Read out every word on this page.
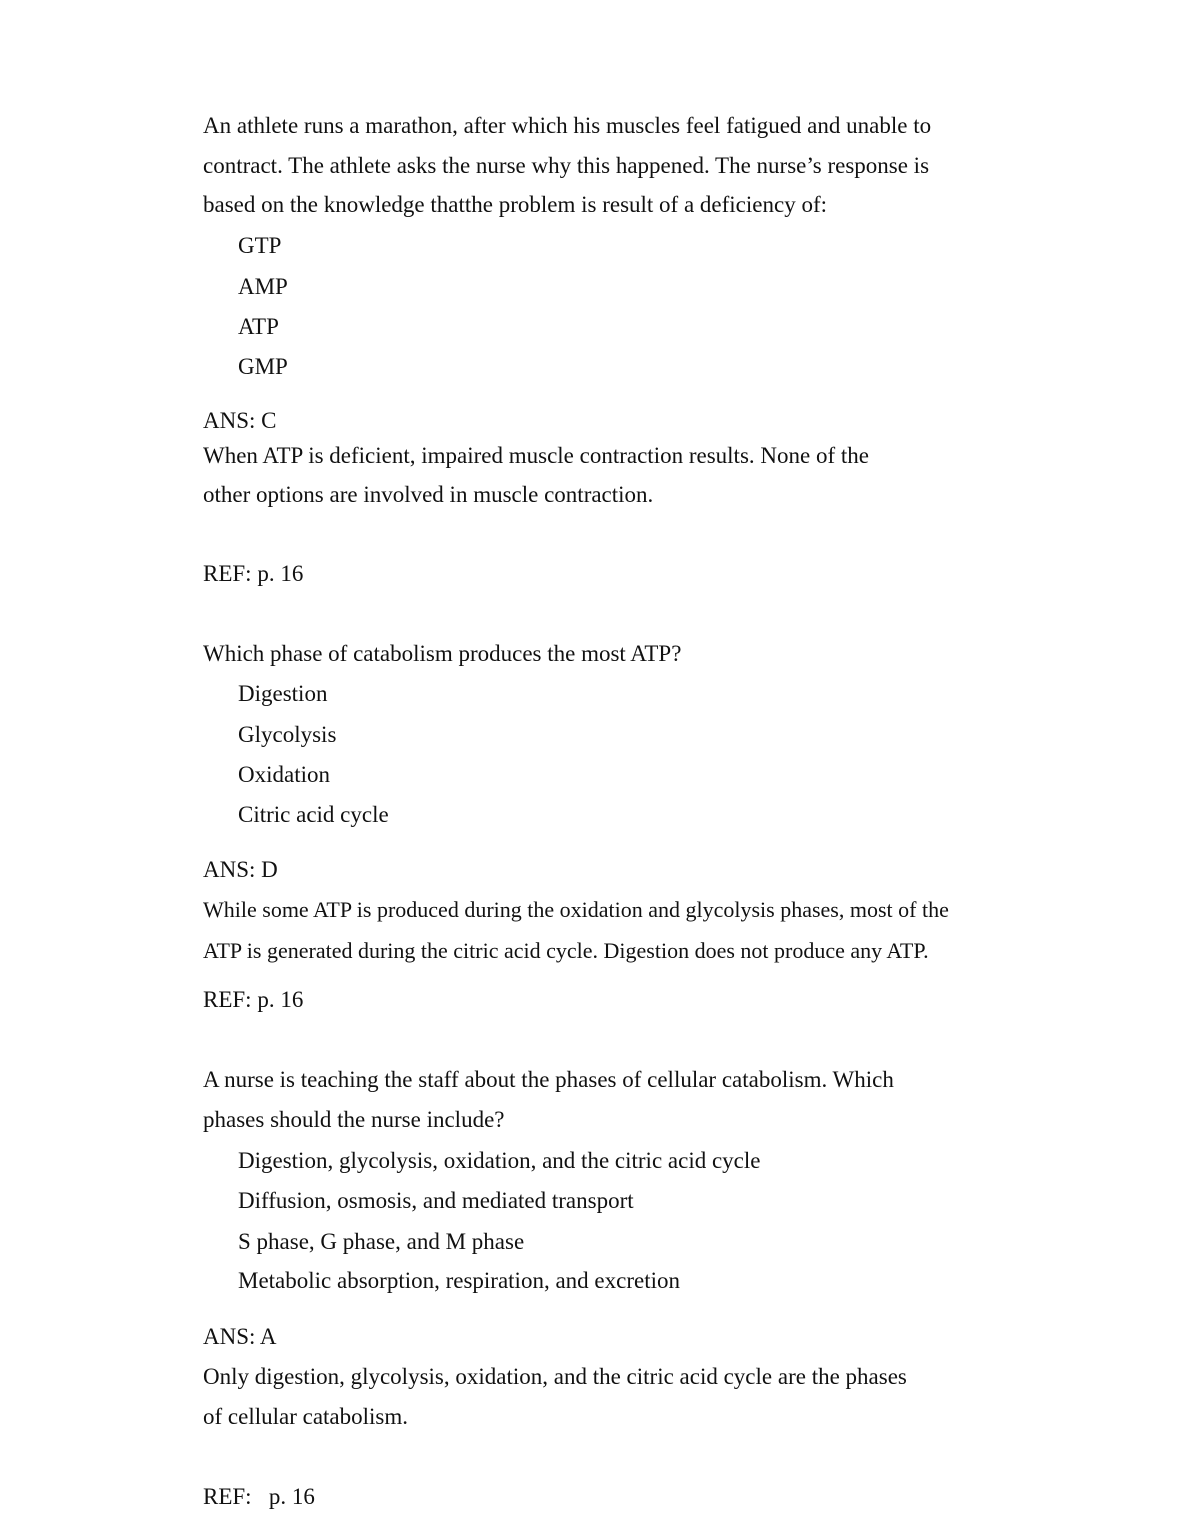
An athlete runs a marathon, after which his muscles feel fatigued and unable to
contract. The athlete asks the nurse why this happened. The nurse’s response is
based on the knowledge thatthe problem is result of a deficiency of:
GTP
AMP
ATP
GMP
ANS: C
When ATP is deficient, impaired muscle contraction results. None of the
other options are involved in muscle contraction.
REF: p. 16
Which phase of catabolism produces the most ATP?
Digestion
Glycolysis
Oxidation
Citric acid cycle
ANS: D
While some ATP is produced during the oxidation and glycolysis phases, most of the
ATP is generated during the citric acid cycle. Digestion does not produce any ATP.
REF: p. 16
A nurse is teaching the staff about the phases of cellular catabolism. Which
phases should the nurse include?
Digestion, glycolysis, oxidation, and the citric acid cycle
Diffusion, osmosis, and mediated transport
S phase, G phase, and M phase
Metabolic absorption, respiration, and excretion
ANS: A
Only digestion, glycolysis, oxidation, and the citric acid cycle are the phases
of cellular catabolism.
REF:   p. 16
